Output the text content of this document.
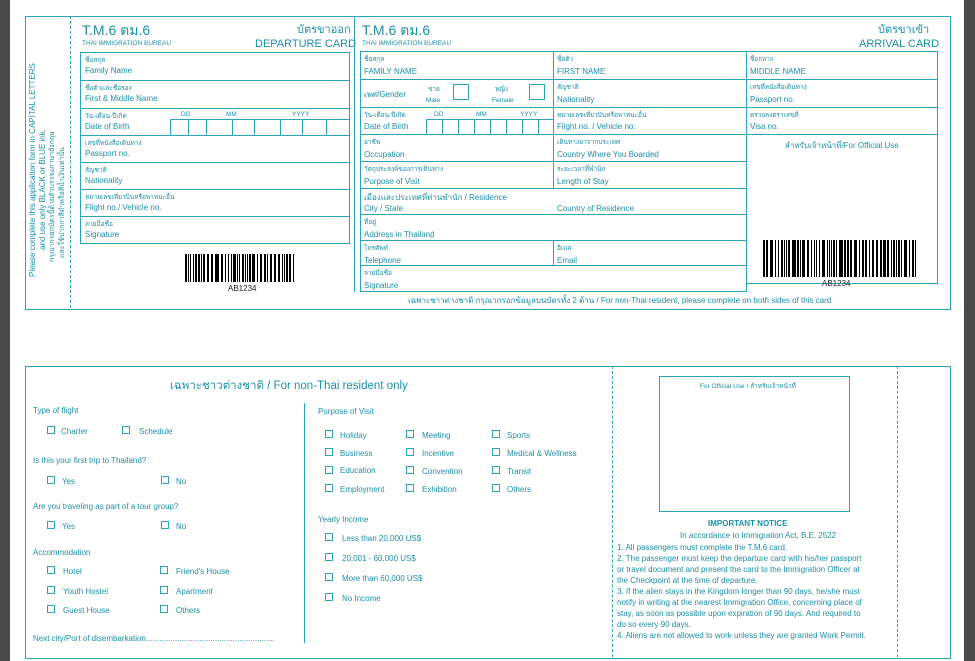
Please complete this application form in CAPITAL LETTERS and use only BLACK or BLUE ink. กรุณากรอกบัตรนี้ด้วยตัวบรรจงภาษาอังกฤษ และใช้ปากกาสีดำหรือสีน้ำเงินเท่านั้น
T.M.6 ตม.6
THAI IMMIGRATION BUREAU
บัตรขาออก
DEPARTURE CARD
ชื่อสกุล
Family Name
ชื่อตัวและชื่อรอง
First & Middle Name
วัน-เดือน-ปีเกิด
Date of Birth
DD	MM	YYYY
เลขที่หนังสือเดินทาง
Passport no.
สัญชาติ
Nationality
หมายเลขเที่ยวบินหรือพาหนะอื่น
Flight no./ Vehicle no.
ลายมือชื่อ
Signature
AB1234
T.M.6 ตม.6
THAI IMMIGRATION BUREAU
บัตรขาเข้า
ARRIVAL CARD
ชื่อสกุล
FAMILY NAME
ชื่อตัว
FIRST NAME
ชื่อกลาง
MIDDLE NAME
เพศ/Gender
ชาย
Male
หญิง
Female
สัญชาติ
Nationality
เลขที่หนังสือเดินทาง
Passport no.
วัน-เดือน-ปีเกิด
Date of Birth
DD	MM	YYYY	หมายเลขเที่ยวบินหรือพาหนะอื่น
Flight no. / Vehicle no.
ตรวจลงตราเลขที่
Visa no.
อาชีพ
Occupation
เดินทางมาจากประเทศ
Country Where You Boarded
สำหรับเจ้าหน้าที่/For Official Use
วัตถุประสงค์ของการเดินทาง
Purpose of Visit
ระยะเวลาที่พำนัก
Length of Stay
เมืองและประเทศที่ท่านพำนัก / Residence
City / State	Country of Residence
ที่อยู่
Address in Thailand
โทรศัพท์
Telephone
อีเมล
Email
ลายมือชื่อ
Signature	AB1234
เฉพาะชาวต่างชาติ กรุณากรอกข้อมูลบนบัตรทั้ง 2 ด้าน / For non-Thai resident, please complete on both sides of this card
เฉพาะชาวต่างชาติ / For non-Thai resident only
Type of flight
Charter	Schedule
Is this your first trip to Thailand?
Yes	No
Are you traveling as part of a tour group?
Yes	No
Accommodation
Hotel	Friend's House
Youth Hostel	Apartment
Guest House	Others
Next city/Port of disembarkation..........................................................
Purpose of Visit
Holiday	Meeting	Sports
Business	Incentive	Medical & Wellness
Education	Convention	Transit
Employment	Exhibition	Others
Yearly Income
Less than 20,000 US$
20,001 - 60,000 US$
More than 60,000 US$
No Income
For Official Use / สำหรับเจ้าหน้าที่
IMPORTANT NOTICE
In accordance to Immigration Act, B.E. 2522
1. All passengers must complete the T.M.6 card.
2. The passenger must keep the departure card with his/her passport
or travel document and present the card to the Immigration Officer at
the Checkpoint at the time of departure.
3. If the alien stays in the Kingdom longer than 90 days, he/she must
notify in writing at the nearest Immigration Office, concerning place of
stay, as soon as possible upon expiration of 90 days. And required to
do so every 90 days.
4. Aliens are not allowed to work unless they are granted Work Permit.
